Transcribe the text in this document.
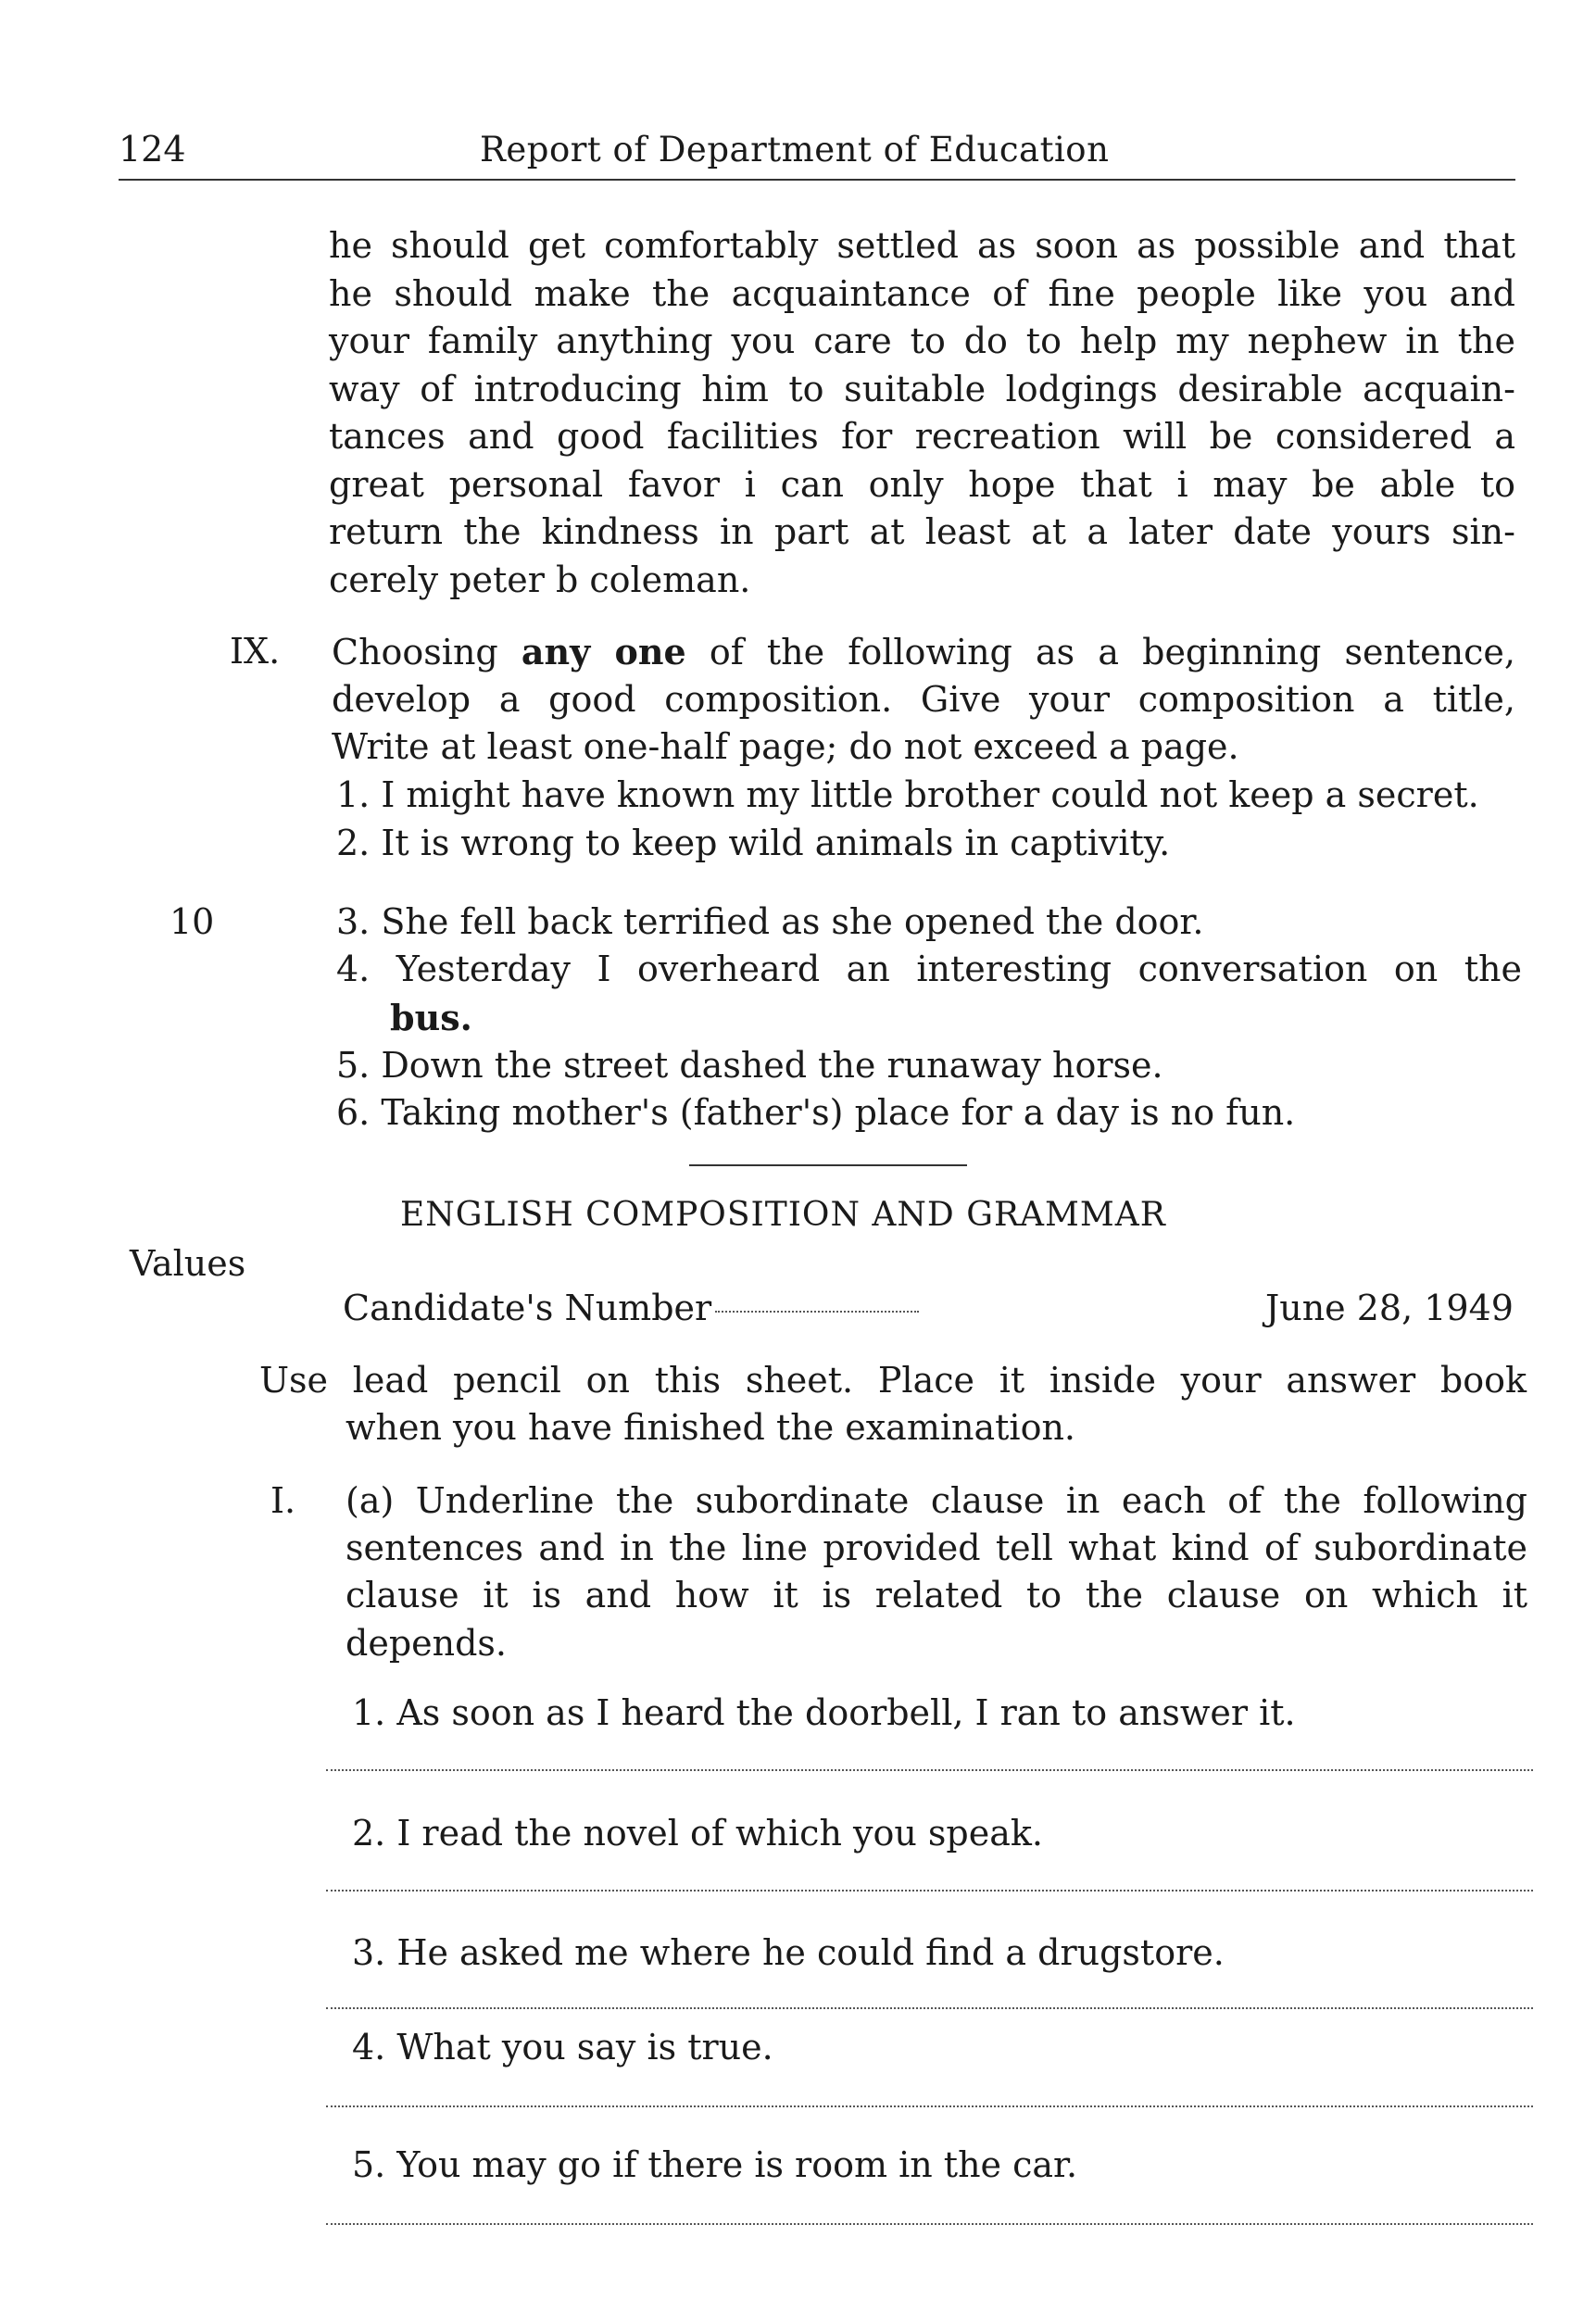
124	Report of Department of Education
he should get comfortably settled as soon as possible and that
he should make the acquaintance of fine people like you and
your family anything you care to do to help my nephew in the
way of introducing him to suitable lodgings desirable acquain-
tances and good facilities for recreation will be considered a
great personal favor i can only hope that i may be able to
return the kindness in part at least at a later date yours sin-
cerely peter b coleman.
IX. Choosing any one of the following as a beginning sentence,
develop a good composition. Give your composition a title,
Write at least one-half page; do not exceed a page.
1. I might have known my little brother could not keep a secret.
2. It is wrong to keep wild animals in captivity.
10	3. She fell back terrified as she opened the door.
4. Yesterday I overheard an interesting conversation on the
bus.
5. Down the street dashed the runaway horse.
6. Taking mother's (father's) place for a day is no fun.
ENGLISH COMPOSITION AND GRAMMAR
Values
Candidate's Number	June 28, 1949
Use lead pencil on this sheet. Place it inside your answer book
when you have finished the examination.
I. (a) Underline the subordinate clause in each of the following
sentences and in the line provided tell what kind of subordinate
clause it is and how it is related to the clause on which it
depends.
1. As soon as I heard the doorbell, I ran to answer it.
2. I read the novel of which you speak.
3. He asked me where he could find a drugstore.
4. What you say is true.
5. You may go if there is room in the car.
